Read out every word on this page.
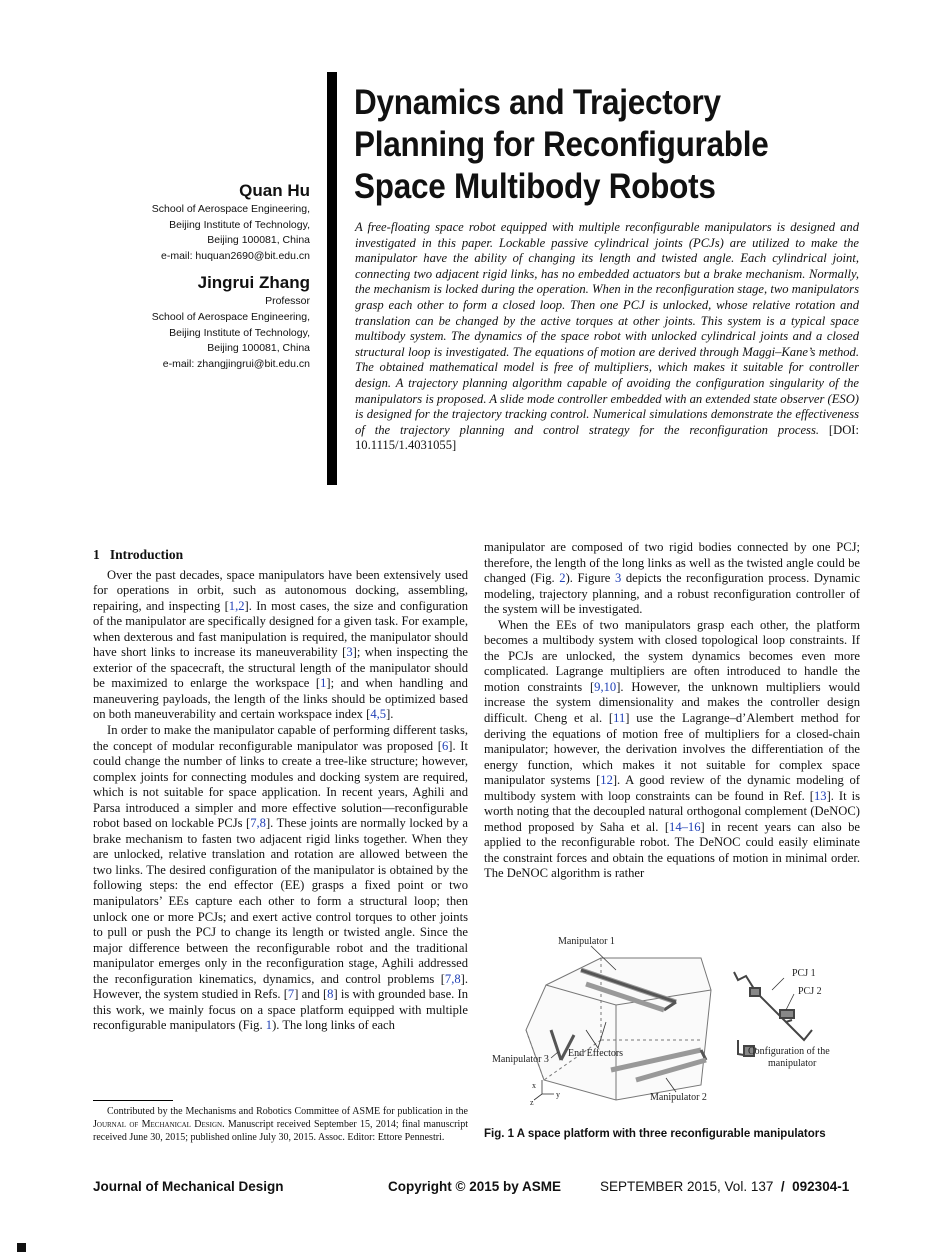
Quan Hu

School of Aerospace Engineering,
Beijing Institute of Technology,
Beijing 100081, China
e-mail: huquan2690@bit.edu.cn

Jingrui Zhang

Professor
School of Aerospace Engineering,
Beijing Institute of Technology,
Beijing 100081, China
e-mail: zhangjingrui@bit.edu.cn
Dynamics and Trajectory
Planning for Reconfigurable
Space Multibody Robots
A free-floating space robot equipped with multiple reconfigurable manipulators is designed and investigated in this paper. Lockable passive cylindrical joints (PCJs) are utilized to make the manipulator have the ability of changing its length and twisted angle. Each cylindrical joint, connecting two adjacent rigid links, has no embedded actuators but a brake mechanism. Normally, the mechanism is locked during the operation. When in the reconfiguration stage, two manipulators grasp each other to form a closed loop. Then one PCJ is unlocked, whose relative rotation and translation can be changed by the active torques at other joints. This system is a typical space multibody system. The dynamics of the space robot with unlocked cylindrical joints and a closed structural loop is investigated. The equations of motion are derived through Maggi–Kane’s method. The obtained mathematical model is free of multipliers, which makes it suitable for controller design. A trajectory planning algorithm capable of avoiding the configuration singularity of the manipulators is proposed. A slide mode controller embedded with an extended state observer (ESO) is designed for the trajectory tracking control. Numerical simulations demonstrate the effectiveness of the trajectory planning and control strategy for the reconfiguration process. [DOI: 10.1115/1.4031055]
1 Introduction

Over the past decades, space manipulators have been extensively used for operations in orbit, such as autonomous docking, assembling, repairing, and inspecting [1,2]. In most cases, the size and configuration of the manipulator are specifically designed for a given task. For example, when dexterous and fast manipulation is required, the manipulator should have short links to increase its maneuverability [3]; when inspecting the exterior of the spacecraft, the structural length of the manipulator should be maximized to enlarge the workspace [1]; and when handling and maneuvering payloads, the length of the links should be optimized based on both maneuverability and certain workspace index [4,5].

In order to make the manipulator capable of performing different tasks, the concept of modular reconfigurable manipulator was proposed [6]. It could change the number of links to create a tree-like structure; however, complex joints for connecting modules and docking system are required, which is not suitable for space application. In recent years, Aghili and Parsa introduced a simpler and more effective solution—reconfigurable robot based on lockable PCJs [7,8]. These joints are normally locked by a brake mechanism to fasten two adjacent rigid links together. When they are unlocked, relative translation and rotation are allowed between the two links. The desired configuration of the manipulator is obtained by the following steps: the end effector (EE) grasps a fixed point or two manipulators’ EEs capture each other to form a structural loop; then unlock one or more PCJs; and exert active control torques to other joints to pull or push the PCJ to change its length or twisted angle. Since the major difference between the reconfigurable robot and the traditional manipulator emerges only in the reconfiguration stage, Aghili addressed the reconfiguration kinematics, dynamics, and control problems [7,8]. However, the system studied in Refs. [7] and [8] is with grounded base. In this work, we mainly focus on a space platform equipped with multiple reconfigurable manipulators (Fig. 1). The long links of each

Contributed by the Mechanisms and Robotics Committee of ASME for publication in the Journal of Mechanical Design. Manuscript received September 15, 2014; final manuscript received June 30, 2015; published online July 30, 2015. Assoc. Editor: Ettore Pennestri.

manipulator are composed of two rigid bodies connected by one PCJ; therefore, the length of the long links as well as the twisted angle could be changed (Fig. 2). Figure 3 depicts the reconfiguration process. Dynamic modeling, trajectory planning, and a robust reconfiguration controller of the system will be investigated.

When the EEs of two manipulators grasp each other, the platform becomes a multibody system with closed topological loop constraints. If the PCJs are unlocked, the system dynamics becomes even more complicated. Lagrange multipliers are often introduced to handle the motion constraints [9,10]. However, the unknown multipliers would increase the system dimensionality and makes the controller design difficult. Cheng et al. [11] use the Lagrange–d’Alembert method for deriving the equations of motion free of multipliers for a closed-chain manipulator; however, the derivation involves the differentiation of the energy function, which makes it not suitable for complex space manipulator systems [12]. A good review of the dynamic modeling of multibody system with loop constraints can be found in Ref. [13]. It is worth noting that the decoupled natural orthogonal complement (DeNOC) method proposed by Saha et al. [14–16] in recent years can also be applied to the reconfigurable robot. The DeNOC could easily eliminate the constraint forces and obtain the equations of motion in minimal order. The DeNOC algorithm is rather

x
y
z
Manipulator 1
PCJ 1
PCJ 2
Configuration of the
manipulator
End Effectors
Manipulator 3
Manipulator 2
Fig. 1 A space platform with three reconfigurable manipulators
Journal of Mechanical Design	Copyright © 2015 by ASME	SEPTEMBER 2015, Vol. 137 / 092304-1
